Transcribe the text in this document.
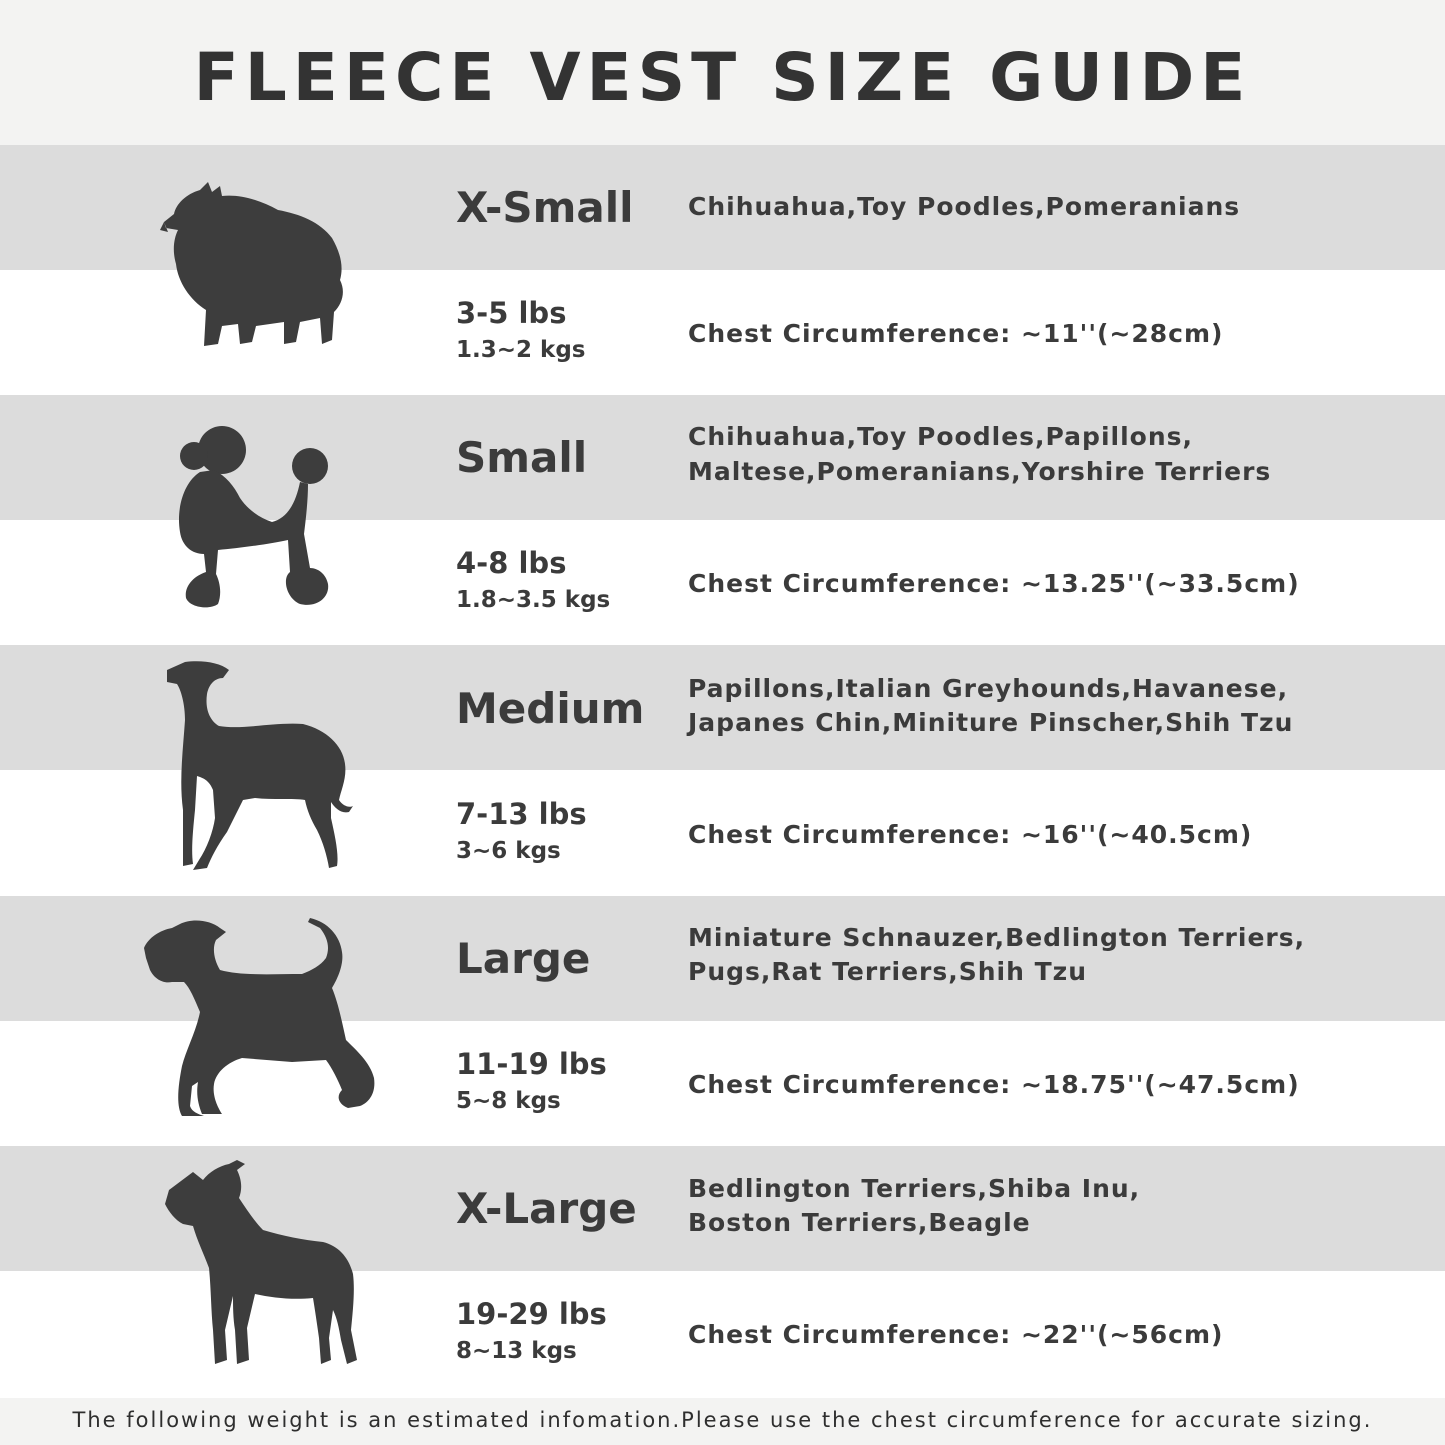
FLEECE VEST SIZE GUIDE
X-Small Chihuahua,Toy Poodles,Pomeranians
3-5 lbs
1.3~2 kgs
Chest Circumference: ~11''(~28cm)
Small	Chihuahua,Toy Poodles,Papillons,
Maltese,Pomeranians,Yorshire Terriers
4-8 lbs
1.8~3.5 kgs
Chest Circumference: ~13.25''(~33.5cm)
Medium Papillons,Italian Greyhounds,Havanese,
Japanes Chin,Miniture Pinscher,Shih Tzu
7-13 lbs
3~6 kgs
Chest Circumference: ~16''(~40.5cm)
Large	Miniature Schnauzer,Bedlington Terriers,
Pugs,Rat Terriers,Shih Tzu
11-19 lbs
5~8 kgs
Chest Circumference: ~18.75''(~47.5cm)
X-Large Bedlington Terriers,Shiba Inu,
Boston Terriers,Beagle
19-29 lbs
8~13 kgs
Chest Circumference: ~22''(~56cm)
The following weight is an estimated infomation.Please use the chest circumference for accurate sizing.
